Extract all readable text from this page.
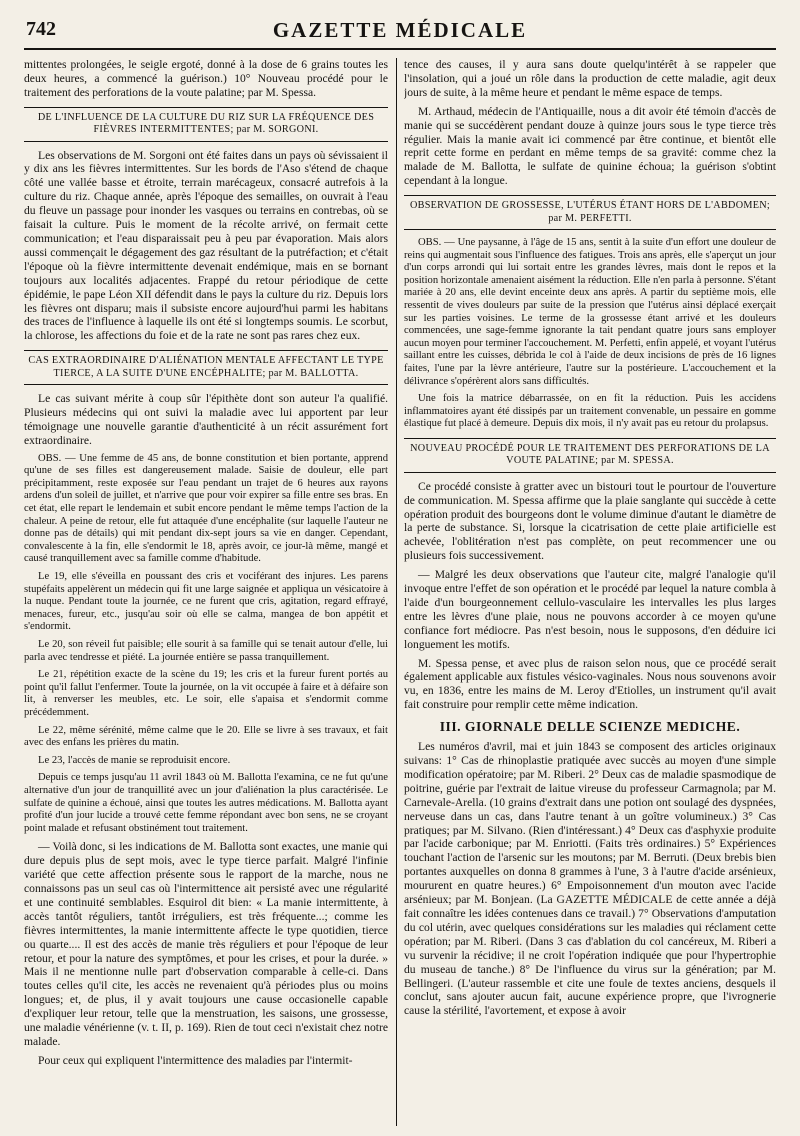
742	GAZETTE MÉDICALE

mittentes prolongées, le seigle ergoté, donné à la dose de 6 grains toutes les deux heures, a commencé la guérison.) 10° Nouveau procédé pour le traitement des perforations de la voute palatine; par M. Spessa.

DE L'INFLUENCE DE LA CULTURE DU RIZ SUR LA FRÉQUENCE DES FIÈVRES INTERMITTENTES; par M. SORGONI.

Les observations de M. Sorgoni ont été faites dans un pays où sévissaient il y dix ans les fièvres intermittentes. Sur les bords de l'Aso s'étend de chaque côté une vallée basse et étroite, terrain marécageux, consacré autrefois à la culture du riz. Chaque année, après l'époque des semailles, on ouvrait à l'eau du fleuve un passage pour inonder les vasques ou terrains en contrebas, où se faisait la culture. Puis le moment de la récolte arrivé, on fermait cette communication; et l'eau disparaissait peu à peu par évaporation. Mais alors aussi commençait le dégagement des gaz résultant de la putréfaction; et c'était l'époque où la fièvre intermittente devenait endémique, mais en se bornant toujours aux localités adjacentes. Frappé du retour périodique de cette épidémie, le pape Léon XII défendit dans le pays la culture du riz. Depuis lors les fièvres ont disparu; mais il subsiste encore aujourd'hui parmi les habitans des traces de l'influence à laquelle ils ont été si longtemps soumis. Le scorbut, la chlorose, les affections du foie et de la rate ne sont pas rares chez eux.

CAS EXTRAORDINAIRE D'ALIÉNATION MENTALE AFFECTANT LE TYPE TIERCE, A LA SUITE D'UNE ENCÉPHALITE; par M. BALLOTTA.

Le cas suivant mérite à coup sûr l'épithète dont son auteur l'a qualifié. Plusieurs médecins qui ont suivi la maladie avec lui apportent par leur témoignage une nouvelle garantie d'authenticité à un récit assurément fort extraordinaire.

OBS. — Une femme de 45 ans, de bonne constitution et bien portante, apprend qu'une de ses filles est dangereusement malade. Saisie de douleur, elle part précipitamment, reste exposée sur l'eau pendant un trajet de 6 heures aux rayons ardens d'un soleil de juillet, et n'arrive que pour voir expirer sa fille entre ses bras. En cet état, elle repart le lendemain et subit encore pendant le même temps l'action de la chaleur. A peine de retour, elle fut attaquée d'une encéphalite (sur laquelle l'auteur ne donne pas de détails) qui mit pendant dix-sept jours sa vie en danger. Cependant, convalescente à la fin, elle s'endormit le 18, après avoir, ce jour-là même, mangé et causé tranquillement avec sa famille comme d'habitude.

Le 19, elle s'éveilla en poussant des cris et vociférant des injures. Les parens stupéfaits appelèrent un médecin qui fit une large saignée et appliqua un vésicatoire à la nuque. Pendant toute la journée, ce ne furent que cris, agitation, regard effrayé, menaces, fureur, etc., jusqu'au soir où elle se calma, mangea de bon appétit et s'endormit.

Le 20, son réveil fut paisible; elle sourit à sa famille qui se tenait autour d'elle, lui parla avec tendresse et piété. La journée entière se passa tranquillement.

Le 21, répétition exacte de la scène du 19; les cris et la fureur furent portés au point qu'il fallut l'enfermer. Toute la journée, on la vit occupée à faire et à défaire son lit, à renverser les meubles, etc. Le soir, elle s'apaisa et s'endormit comme précédemment.

Le 22, même sérénité, même calme que le 20. Elle se livre à ses travaux, et fait avec des enfans les prières du matin.

Le 23, l'accès de manie se reproduisit encore.

Depuis ce temps jusqu'au 11 avril 1843 où M. Ballotta l'examina, ce ne fut qu'une alternative d'un jour de tranquillité avec un jour d'aliénation la plus caractérisée. Le sulfate de quinine a échoué, ainsi que toutes les autres médications. M. Ballotta ayant profité d'un jour lucide a trouvé cette femme répondant avec bon sens, ne se croyant point malade et refusant obstinément tout traitement.

— Voilà donc, si les indications de M. Ballotta sont exactes, une manie qui dure depuis plus de sept mois, avec le type tierce parfait. Malgré l'infinie variété que cette affection présente sous le rapport de la marche, nous ne connaissons pas un seul cas où l'intermittence ait persisté avec une régularité et une continuité semblables. Esquirol dit bien: « La manie intermittente, à accès tantôt réguliers, tantôt irréguliers, est très fréquente...; comme les fièvres intermittentes, la manie intermittente affecte le type quotidien, tierce ou quarte.... Il est des accès de manie très réguliers et pour l'époque de leur retour, et pour la nature des symptômes, et pour les crises, et pour la durée. » Mais il ne mentionne nulle part d'observation comparable à celle-ci. Dans toutes celles qu'il cite, les accès ne revenaient qu'à périodes plus ou moins longues; et, de plus, il y avait toujours une cause occasionelle capable d'expliquer leur retour, telle que la menstruation, les saisons, une grossesse, une maladie vénérienne (v. t. II, p. 169). Rien de tout ceci n'existait chez notre malade.

Pour ceux qui expliquent l'intermittence des maladies par l'intermit-

tence des causes, il y aura sans doute quelqu'intérêt à se rappeler que l'insolation, qui a joué un rôle dans la production de cette maladie, agit deux jours de suite, à la même heure et pendant le même espace de temps.

M. Arthaud, médecin de l'Antiquaille, nous a dit avoir été témoin d'accès de manie qui se succédèrent pendant douze à quinze jours sous le type tierce très régulier. Mais la manie avait ici commencé par être continue, et bientôt elle reprit cette forme en perdant en même temps de sa gravité: comme chez la malade de M. Ballotta, le sulfate de quinine échoua; la guérison s'obtint cependant à la longue.

OBSERVATION DE GROSSESSE, L'UTÉRUS ÉTANT HORS DE L'ABDOMEN; par M. PERFETTI.

OBS. — Une paysanne, à l'âge de 15 ans, sentit à la suite d'un effort une douleur de reins qui augmentait sous l'influence des fatigues. Trois ans après, elle s'aperçut un jour d'un corps arrondi qui lui sortait entre les grandes lèvres, mais dont le repos et la position horizontale amenaient aisément la réduction. Elle n'en parla à personne. S'étant mariée à 20 ans, elle devint enceinte deux ans après. A partir du septième mois, elle ressentit de vives douleurs par suite de la pression que l'utérus ainsi déplacé exerçait sur les parties voisines. Le terme de la grossesse étant arrivé et les douleurs commencées, une sage-femme ignorante la tait pendant quatre jours sans employer aucun moyen pour terminer l'accouchement. M. Perfetti, enfin appelé, et voyant l'utérus saillant entre les cuisses, débrida le col à l'aide de deux incisions de près de 16 lignes faites, l'une par la lèvre antérieure, l'autre sur la postérieure. L'accouchement et la délivrance s'opérèrent alors sans difficultés.

Une fois la matrice débarrassée, on en fit la réduction. Puis les accidens inflammatoires ayant été dissipés par un traitement convenable, un pessaire en gomme élastique fut placé à demeure. Depuis dix mois, il n'y avait pas eu retour du prolapsus.

NOUVEAU PROCÉDÉ POUR LE TRAITEMENT DES PERFORATIONS DE LA VOUTE PALATINE; par M. SPESSA.

Ce procédé consiste à gratter avec un bistouri tout le pourtour de l'ouverture de communication. M. Spessa affirme que la plaie sanglante qui succède à cette opération produit des bourgeons dont le volume diminue d'autant le diamètre de la perte de substance. Si, lorsque la cicatrisation de cette plaie artificielle est achevée, l'oblitération n'est pas complète, on peut recommencer une ou plusieurs fois successivement.

— Malgré les deux observations que l'auteur cite, malgré l'analogie qu'il invoque entre l'effet de son opération et le procédé par lequel la nature combla à l'aide d'un bourgeonnement cellulo-vasculaire les intervalles les plus larges entre les lèvres d'une plaie, nous ne pouvons accorder à ce moyen qu'une confiance fort médiocre. Pas n'est besoin, nous le supposons, d'en déduire ici longuement les motifs.

M. Spessa pense, et avec plus de raison selon nous, que ce procédé serait également applicable aux fistules vésico-vaginales. Nous nous souvenons avoir vu, en 1836, entre les mains de M. Leroy d'Etiolles, un instrument qu'il avait fait construire pour remplir cette même indication.

III. GIORNALE DELLE SCIENZE MEDICHE.

Les numéros d'avril, mai et juin 1843 se composent des articles originaux suivans: 1° Cas de rhinoplastie pratiquée avec succès au moyen d'une simple modification opératoire; par M. Riberi. 2° Deux cas de maladie spasmodique de poitrine, guérie par l'extrait de laitue vireuse du professeur Carmagnola; par M. Carnevale-Arella. (10 grains d'extrait dans une potion ont soulagé des dyspnées, nerveuse dans un cas, dans l'autre tenant à un goître volumineux.) 3° Cas pratiques; par M. Silvano. (Rien d'intéressant.) 4° Deux cas d'asphyxie produite par l'acide carbonique; par M. Enriotti. (Faits très ordinaires.) 5° Expériences touchant l'action de l'arsenic sur les moutons; par M. Berruti. (Deux brebis bien portantes auxquelles on donna 8 grammes à l'une, 3 à l'autre d'acide arsénieux, moururent en quatre heures.) 6° Empoisonnement d'un mouton avec l'acide arsénieux; par M. Bonjean. (La GAZETTE MÉDICALE de cette année a déjà fait connaître les idées contenues dans ce travail.) 7° Observations d'amputation du col utérin, avec quelques considérations sur les maladies qui réclament cette opération; par M. Riberi. (Dans 3 cas d'ablation du col cancéreux, M. Riberi a vu survenir la récidive; il ne croit l'opération indiquée que pour l'hypertrophie du museau de tanche.) 8° De l'influence du virus sur la génération; par M. Bellingeri. (L'auteur rassemble et cite une foule de textes anciens, desquels il conclut, sans ajouter aucun fait, aucune expérience propre, que l'ivrognerie cause la stérilité, l'avortement, et expose à avoir
